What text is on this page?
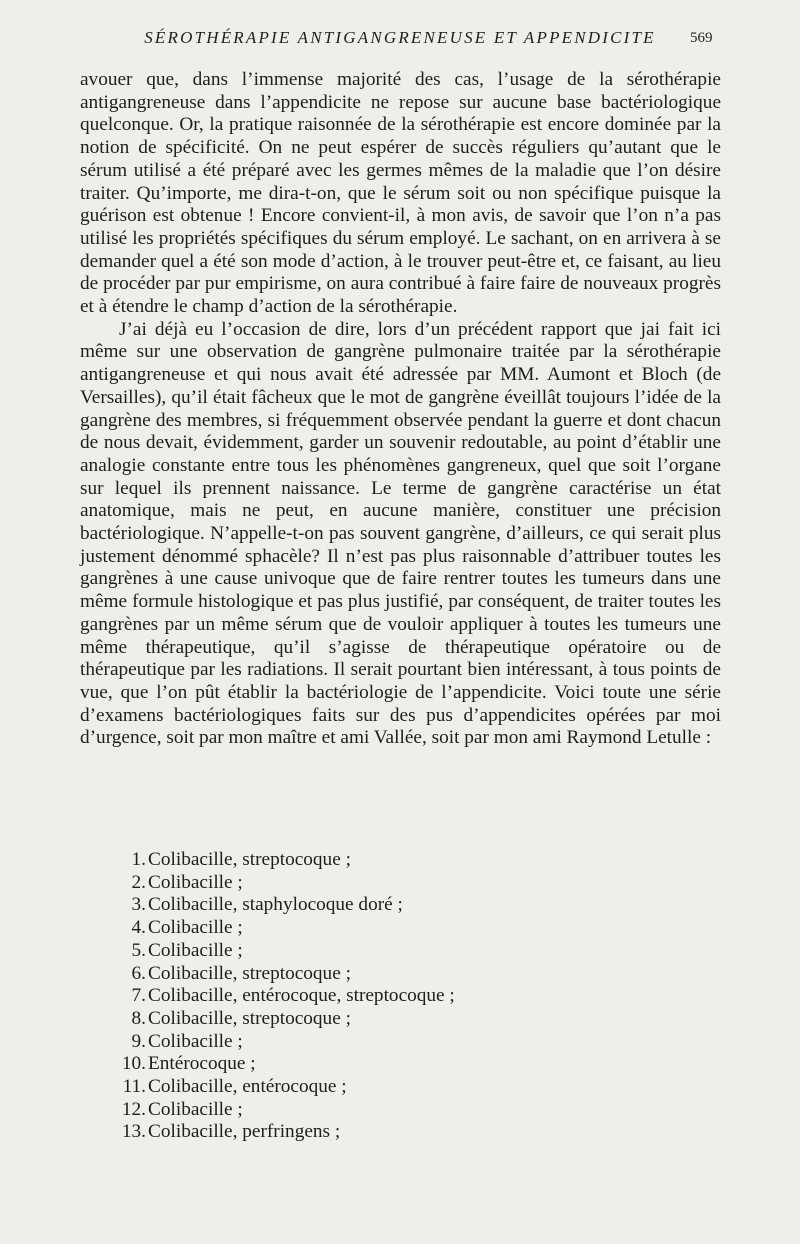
SÉROTHÉRAPIE ANTIGANGRENEUSE ET APPENDICITE 569

avouer que, dans l’immense majorité des cas, l’usage de la sérothérapie antigangreneuse dans l’appendicite ne repose sur aucune base bactériologique quelconque. Or, la pratique raisonnée de la sérothérapie est encore dominée par la notion de spécificité. On ne peut espérer de succès réguliers qu’autant que le sérum utilisé a été préparé avec les germes mêmes de la maladie que l’on désire traiter. Qu’importe, me dira-t-on, que le sérum soit ou non spécifique puisque la guérison est obtenue ! Encore convient-il, à mon avis, de savoir que l’on n’a pas utilisé les propriétés spécifiques du sérum employé. Le sachant, on en arrivera à se demander quel a été son mode d’action, à le trouver peut-être et, ce faisant, au lieu de procéder par pur empirisme, on aura contribué à faire faire de nouveaux progrès et à étendre le champ d’action de la sérothérapie.

J’ai déjà eu l’occasion de dire, lors d’un précédent rapport que jai fait ici même sur une observation de gangrène pulmonaire traitée par la sérothérapie antigangreneuse et qui nous avait été adressée par MM. Aumont et Bloch (de Versailles), qu’il était fâcheux que le mot de gangrène éveillât toujours l’idée de la gangrène des membres, si fréquemment observée pendant la guerre et dont chacun de nous devait, évidemment, garder un souvenir redoutable, au point d’établir une analogie constante entre tous les phénomènes gangreneux, quel que soit l’organe sur lequel ils prennent naissance. Le terme de gangrène caractérise un état anatomique, mais ne peut, en aucune manière, constituer une précision bactériologique. N’appelle-t-on pas souvent gangrène, d’ailleurs, ce qui serait plus justement dénommé sphacèle? Il n’est pas plus raisonnable d’attribuer toutes les gangrènes à une cause univoque que de faire rentrer toutes les tumeurs dans une même formule histologique et pas plus justifié, par conséquent, de traiter toutes les gangrènes par un même sérum que de vouloir appliquer à toutes les tumeurs une même thérapeutique, qu’il s’agisse de thérapeutique opératoire ou de thérapeutique par les radiations. Il serait pourtant bien intéressant, à tous points de vue, que l’on pût établir la bactériologie de l’appendicite. Voici toute une série d’examens bactériologiques faits sur des pus d’appendicites opérées par moi d’urgence, soit par mon maître et ami Vallée, soit par mon ami Raymond Letulle :

1. Colibacille, streptocoque ;
2. Colibacille ;
3. Colibacille, staphylocoque doré ;
4. Colibacille ;
5. Colibacille ;
6. Colibacille, streptocoque ;
7. Colibacille, entérocoque, streptocoque ;
8. Colibacille, streptocoque ;
9. Colibacille ;
10. Entérocoque ;
11. Colibacille, entérocoque ;
12. Colibacille ;
13. Colibacille, perfringens ;
